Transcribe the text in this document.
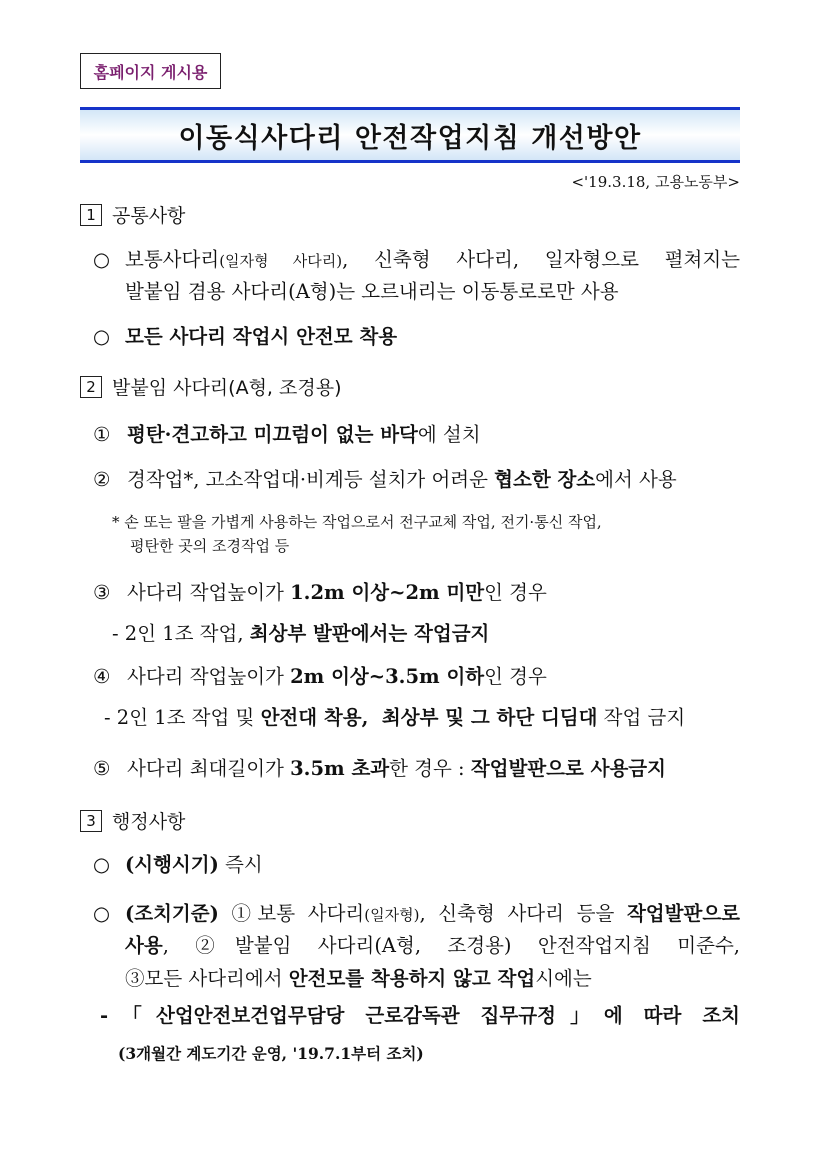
홈페이지 게시용
이동식사다리 안전작업지침 개선방안
<'19.3.18, 고용노동부>
1 공통사항
○ 보통사다리(일자형 사다리), 신축형 사다리, 일자형으로 펼쳐지는
발붙임 겸용 사다리(A형)는 오르내리는 이동통로로만 사용
○ 모든 사다리 작업시 안전모 착용
2 발붙임 사다리(A형, 조경용)
① 평탄·견고하고 미끄럼이 없는 바닥에 설치
② 경작업*, 고소작업대·비계등 설치가 어려운 협소한 장소에서 사용
* 손 또는 팔을 가볍게 사용하는 작업으로서 전구교체 작업, 전기·통신 작업,
평탄한 곳의 조경작업 등
③ 사다리 작업높이가 1.2m 이상~2m 미만인 경우
- 2인 1조 작업, 최상부 발판에서는 작업금지
④ 사다리 작업높이가 2m 이상~3.5m 이하인 경우
- 2인 1조 작업 및 안전대 착용,  최상부 및 그 하단 디딤대 작업 금지
⑤ 사다리 최대길이가 3.5m 초과한 경우 : 작업발판으로 사용금지
3 행정사항
○ (시행시기) 즉시
○ (조치기준) ①보통 사다리(일자형), 신축형 사다리 등을 작업발판으로
사용, ②발붙임 사다리(A형, 조경용) 안전작업지침 미준수,
③모든 사다리에서 안전모를 착용하지 않고 작업시에는
-「산업안전보건업무담당 근로감독관 집무규정」에 따라 조치
(3개월간 계도기간 운영, '19.7.1부터 조치)
